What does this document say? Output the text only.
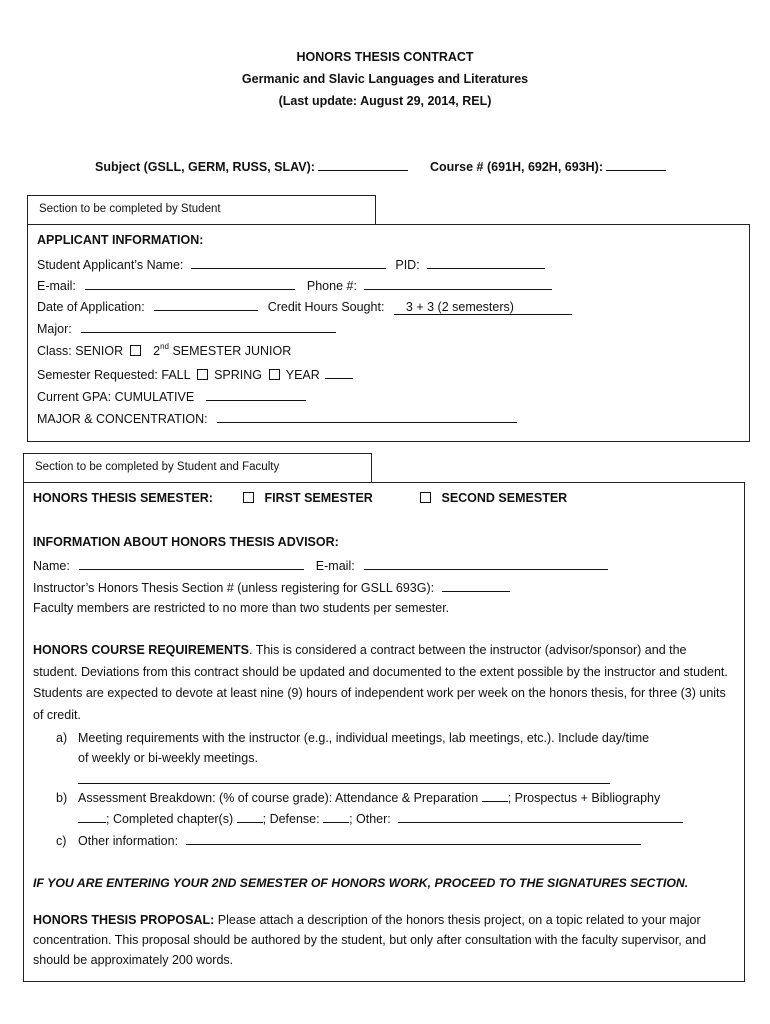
HONORS THESIS CONTRACT
Germanic and Slavic Languages and Literatures
(Last update: August 29, 2014, REL)
Subject (GSLL, GERM, RUSS, SLAV):	Course # (691H, 692H, 693H):
Section to be completed by Student
APPLICANT INFORMATION:
Student Applicant’s Name:	PID:
E-mail:	Phone #:
Date of Application:	Credit Hours Sought: 3 + 3 (2 semesters)
Major:
Class: SENIOR 2nd SEMESTER JUNIOR
Semester Requested: FALL SPRING YEAR
Current GPA: CUMULATIVE
MAJOR & CONCENTRATION:
Section to be completed by Student and Faculty
HONORS THESIS SEMESTER:	FIRST SEMESTER	SECOND SEMESTER
INFORMATION ABOUT HONORS THESIS ADVISOR:
Name:	E-mail:
Instructor’s Honors Thesis Section # (unless registering for GSLL 693G):
Faculty members are restricted to no more than two students per semester.
HONORS COURSE REQUIREMENTS. This is considered a contract between the instructor (advisor/sponsor) and the student. Deviations from this contract should be updated and documented to the extent possible by the instructor and student. Students are expected to devote at least nine (9) hours of independent work per week on the honors thesis, for three (3) units of credit.
a) Meeting requirements with the instructor (e.g., individual meetings, lab meetings, etc.). Include day/time
of weekly or bi-weekly meetings.
b) Assessment Breakdown: (% of course grade): Attendance & Preparation ; Prospectus + Bibliography
; Completed chapter(s) ; Defense: ; Other:
c) Other information:
IF YOU ARE ENTERING YOUR 2ND SEMESTER OF HONORS WORK, PROCEED TO THE SIGNATURES SECTION.
HONORS THESIS PROPOSAL: Please attach a description of the honors thesis project, on a topic related to your major concentration. This proposal should be authored by the student, but only after consultation with the faculty supervisor, and should be approximately 200 words.
